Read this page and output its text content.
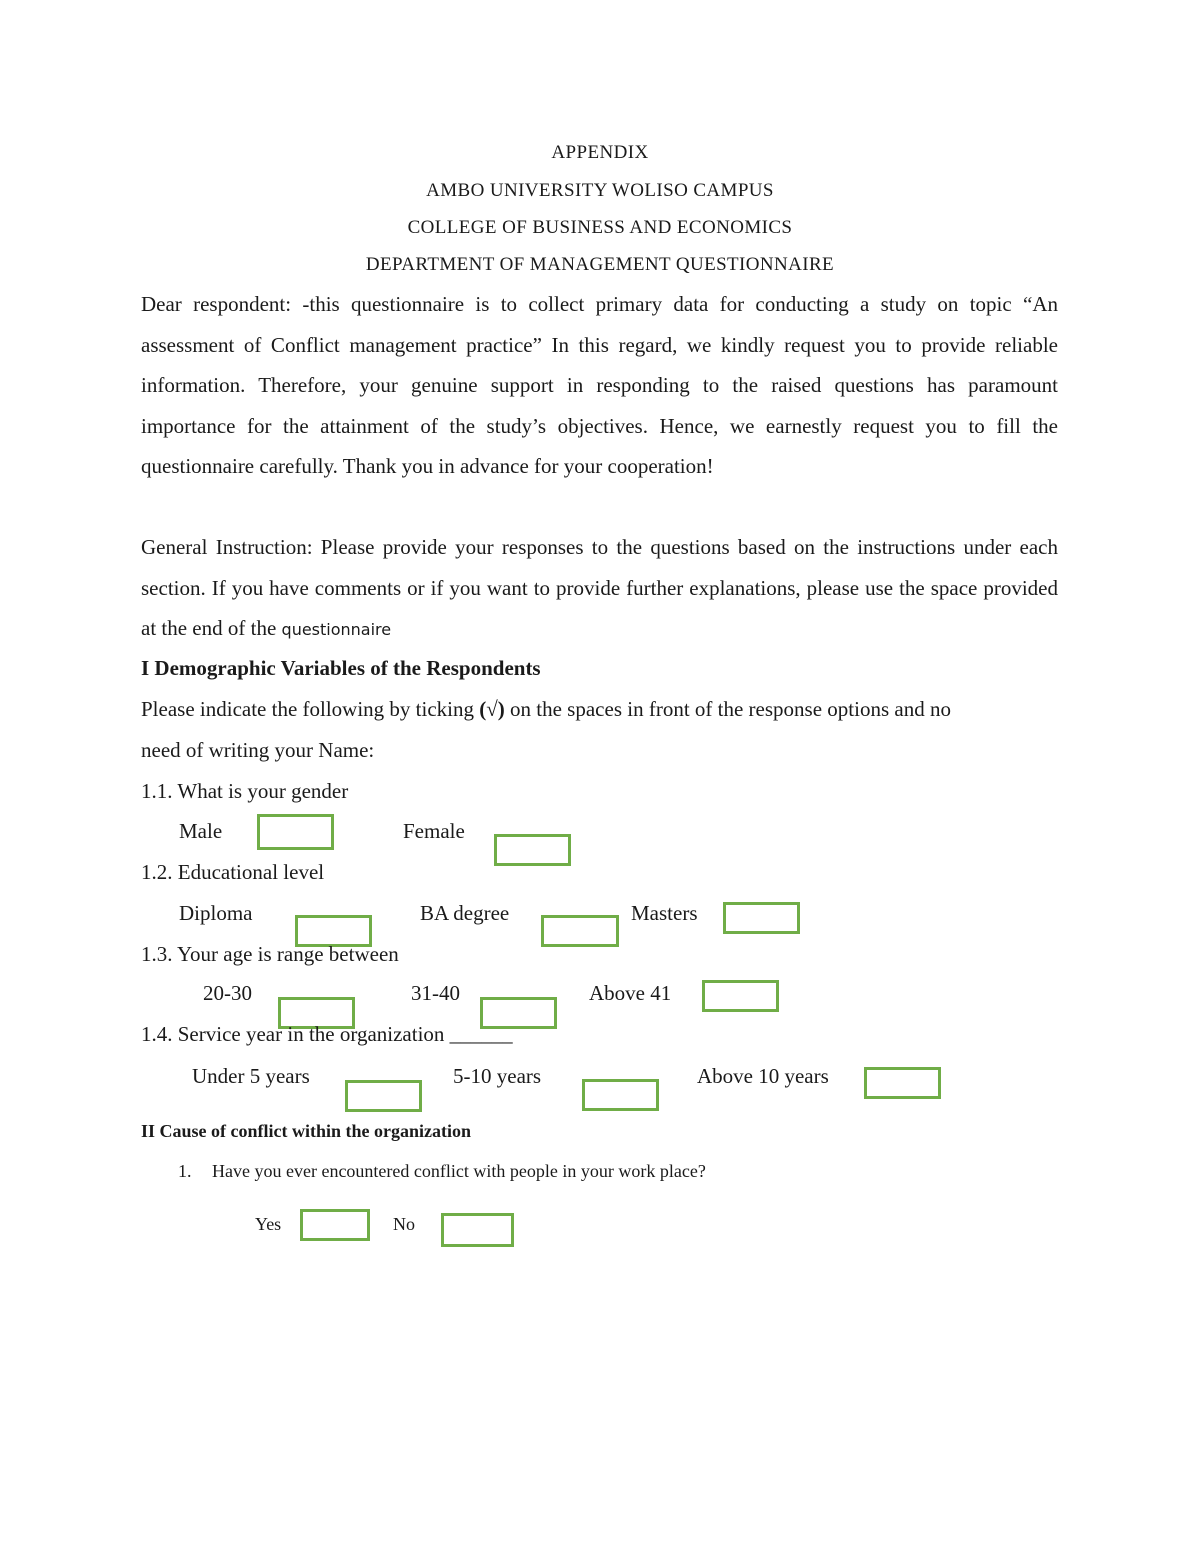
APPENDIX
AMBO UNIVERSITY WOLISO CAMPUS
COLLEGE OF BUSINESS AND ECONOMICS
DEPARTMENT OF MANAGEMENT QUESTIONNAIRE
Dear respondent: -this questionnaire is to collect primary data for conducting a study on topic “An assessment of Conflict management practice” In this regard, we kindly request you to provide reliable information. Therefore, your genuine support in responding to the raised questions has paramount importance for the attainment of the study’s objectives. Hence, we earnestly request you to fill the questionnaire carefully. Thank you in advance for your cooperation!
General Instruction: Please provide your responses to the questions based on the instructions under each section. If you have comments or if you want to provide further explanations, please use the space provided at the end of the questionnaire
I Demographic Variables of the Respondents
Please indicate the following by ticking (√) on the spaces in front of the response options and no
need of writing your Name:
1.1. What is your gender
Male	Female
1.2. Educational level
Diploma	BA degree	Masters
1.3. Your age is range between
20-30	31-40	Above 41
1.4. Service year in the organization ______
Under 5 years	5-10 years	Above 10 years
II Cause of conflict within the organization
1. Have you ever encountered conflict with people in your work place?
Yes	No
